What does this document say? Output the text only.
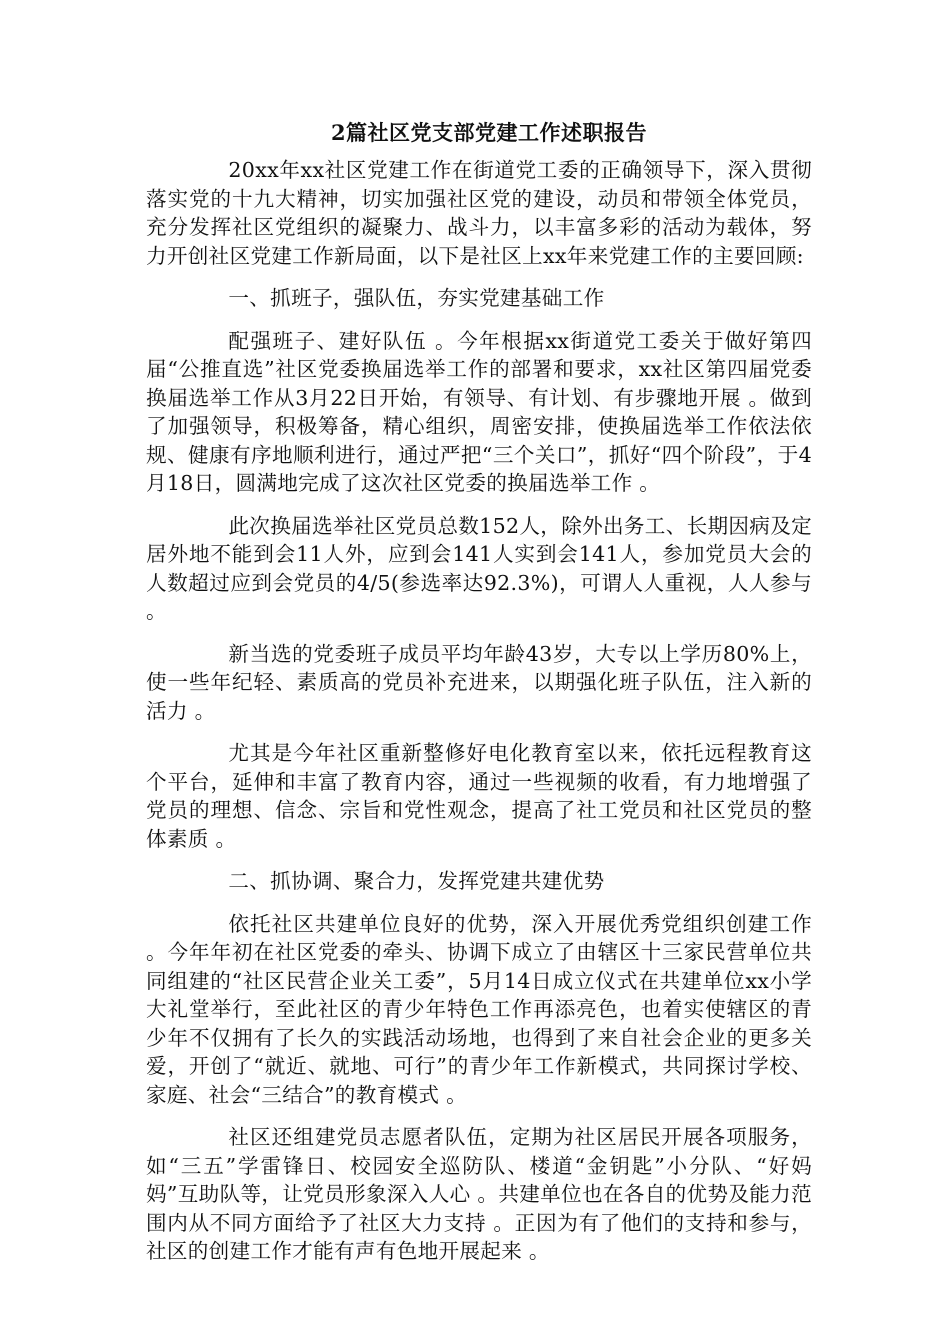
2篇社区党支部党建工作述职报告
20xx年xx社区党建工作在街道党工委的正确领导下，深入贯彻落实党的十九大精神，切实加强社区党的建设，动员和带领全体党员，充分发挥社区党组织的凝聚力、战斗力，以丰富多彩的活动为载体，努力开创社区党建工作新局面，以下是社区上xx年来党建工作的主要回顾:
一、抓班子，强队伍，夯实党建基础工作
配强班子、建好队伍 。今年根据xx街道党工委关于做好第四届“公推直选”社区党委换届选举工作的部署和要求，xx社区第四届党委换届选举工作从3月22日开始，有领导、有计划、有步骤地开展 。做到了加强领导，积极筹备，精心组织，周密安排，使换届选举工作依法依规、健康有序地顺利进行，通过严把“三个关口”，抓好“四个阶段”，于4月18日，圆满地完成了这次社区党委的换届选举工作 。
此次换届选举社区党员总数152人，除外出务工、长期因病及定居外地不能到会11人外，应到会141人实到会141人，参加党员大会的人数超过应到会党员的4/5(参选率达92.3%)，可谓人人重视，人人参与 。
新当选的党委班子成员平均年龄43岁，大专以上学历80%上，使一些年纪轻、素质高的党员补充进来，以期强化班子队伍，注入新的活力 。
尤其是今年社区重新整修好电化教育室以来，依托远程教育这个平台，延伸和丰富了教育内容，通过一些视频的收看，有力地增强了党员的理想、信念、宗旨和党性观念，提高了社工党员和社区党员的整体素质 。
二、抓协调、聚合力，发挥党建共建优势
依托社区共建单位良好的优势，深入开展优秀党组织创建工作 。今年年初在社区党委的牵头、协调下成立了由辖区十三家民营单位共同组建的“社区民营企业关工委”，5月14日成立仪式在共建单位xx小学大礼堂举行，至此社区的青少年特色工作再添亮色，也着实使辖区的青少年不仅拥有了长久的实践活动场地，也得到了来自社会企业的更多关爱，开创了“就近、就地、可行”的青少年工作新模式，共同探讨学校、家庭、社会“三结合”的教育模式 。
社区还组建党员志愿者队伍，定期为社区居民开展各项服务，如“三五”学雷锋日、校园安全巡防队、楼道“金钥匙”小分队、“好妈妈”互助队等，让党员形象深入人心 。共建单位也在各自的优势及能力范围内从不同方面给予了社区大力支持 。正因为有了他们的支持和参与，社区的创建工作才能有声有色地开展起来 。
